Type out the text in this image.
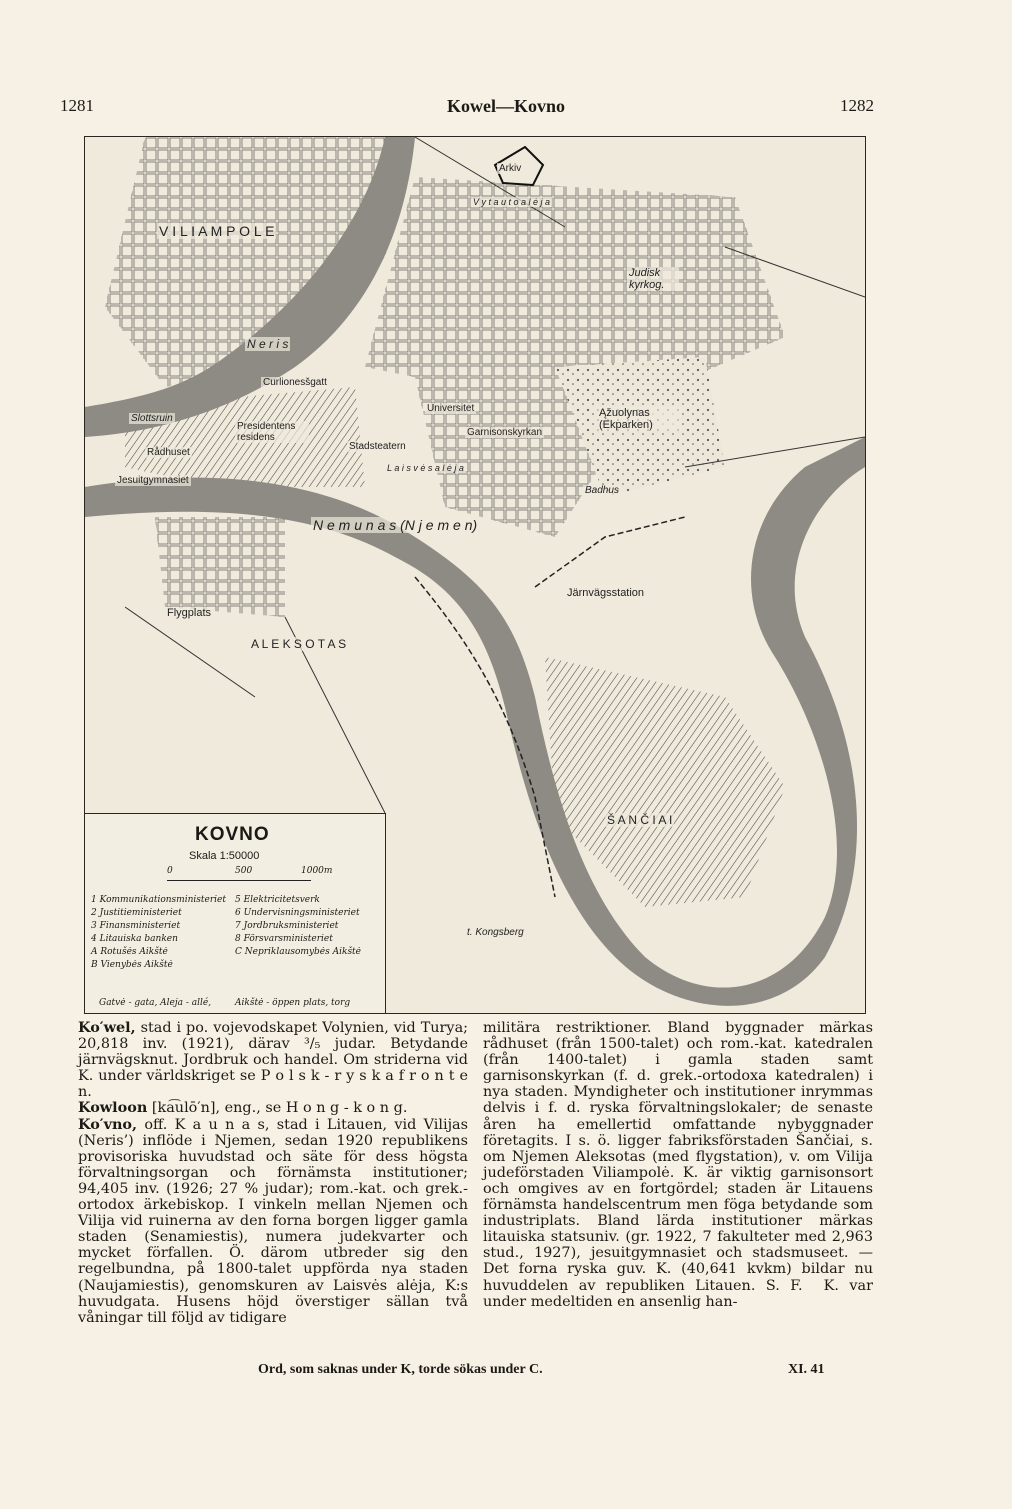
1281	Kowel—Kovno	1282
V I L I A M P O L E
Arkiv
Judisk kyrkog.
N e r i s
Slottsruin
Curlionesšgatt
Universitet
Presidentens residens
Rådhuset
Jesuitgymnasiet
Garnisonskyrkan
Stadsteatern
Ąžuolynas (Ekparken)
Badhus
N e m u n a s (N j e m e n)
Järnvägsstation
Flygplats
A L E K S O T A S
Š A N Č I A I
t. Kongsberg
V y t a u t o a l ė j a
L a i s v ė s a l ė j a
KOVNO
Skala 1:50000
0	500	1000m
1 Kommunikationsministeriet
2 Justitieministeriet
3 Finansministeriet
4 Litauiska banken
A Rotušės Aikštė
B Vienybės Aikštė
5 Elektricitetsverk
6 Undervisningsministeriet
7 Jordbruksministeriet
8 Försvarsministeriet
C Nepriklausomybės Aikštė
Gatvė - gata, Aleja - allé,	Aikštė - öppen plats, torg

Ko′wel, stad i po. vojevodskapet Volynien, vid Turya; 20,818 inv. (1921), därav ³/₅ judar. Betydande järnvägsknut. Jordbruk och handel. Om striderna vid K. under världskriget se P o l s k - r y s k a f r o n t e n.

Kowloon [ka͡ulō′n], eng., se H o n g - k o n g.

Ko′vno, off. K a u n a s, stad i Litauen, vid Vilijas (Neris’) inflöde i Njemen, sedan 1920 republikens provisoriska huvudstad och säte för dess högsta förvaltningsorgan och förnämsta institutioner; 94,405 inv. (1926; 27 % judar); rom.-kat. och grek.-ortodox ärkebiskop. I vinkeln mellan Njemen och Vilija vid ruinerna av den forna borgen ligger gamla staden (Senamiestis), numera judekvarter och mycket förfallen. Ö. därom utbreder sig den regelbundna, på 1800-talet uppförda nya staden (Naujamiestis), genomskuren av Laisvės alėja, K:s huvudgata. Husens höjd överstiger sällan två våningar till följd av tidigare

militära restriktioner. Bland byggnader märkas rådhuset (från 1500-talet) och rom.-kat. katedralen (från 1400-talet) i gamla staden samt garnisonskyrkan (f. d. grek.-ortodoxa katedralen) i nya staden. Myndigheter och institutioner inrymmas delvis i f. d. ryska förvaltningslokaler; de senaste åren ha emellertid omfattande nybyggnader företagits. I s. ö. ligger fabriksförstaden Šančiai, s. om Njemen Aleksotas (med flygstation), v. om Vilija judeförstaden Viliampolė. K. är viktig garnisonsort och omgives av en fortgördel; staden är Litauens förnämsta handelscentrum men föga betydande som industriplats. Bland lärda institutioner märkas litauiska statsuniv. (gr. 1922, 7 fakulteter med 2,963 stud., 1927), jesuitgymnasiet och stadsmuseet. — Det forna ryska guv. K. (40,641 kvkm) bildar nu huvuddelen av republiken Litauen. S. F.  K. var under medeltiden en ansenlig han-

Ord, som saknas under K, torde sökas under C.	XI. 41
